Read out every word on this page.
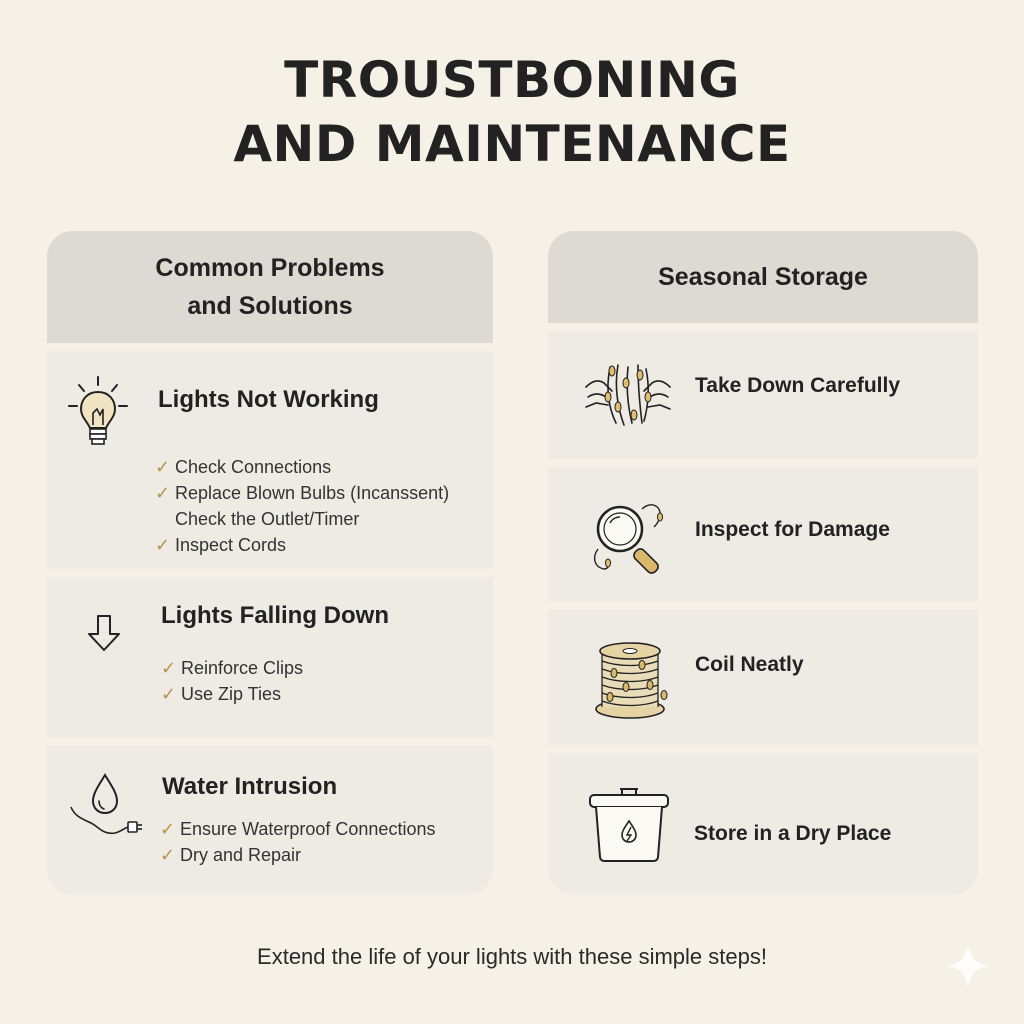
TROUSTBONING
AND MAINTENANCE
Common Problems
and Solutions

Lights Not Working

✓ Check Connections
✓ Replace Blown Bulbs (Incanssent)
Check the Outlet/Timer
✓ Inspect Cords

Lights Falling Down

✓ Reinforce Clips
✓ Use Zip Ties

Water Intrusion

✓ Ensure Waterproof Connections
✓ Dry and Repair
Seasonal Storage

Take Down Carefully

Inspect for Damage

Coil Neatly

Store in a Dry Place

Extend the life of your lights with these simple steps!
